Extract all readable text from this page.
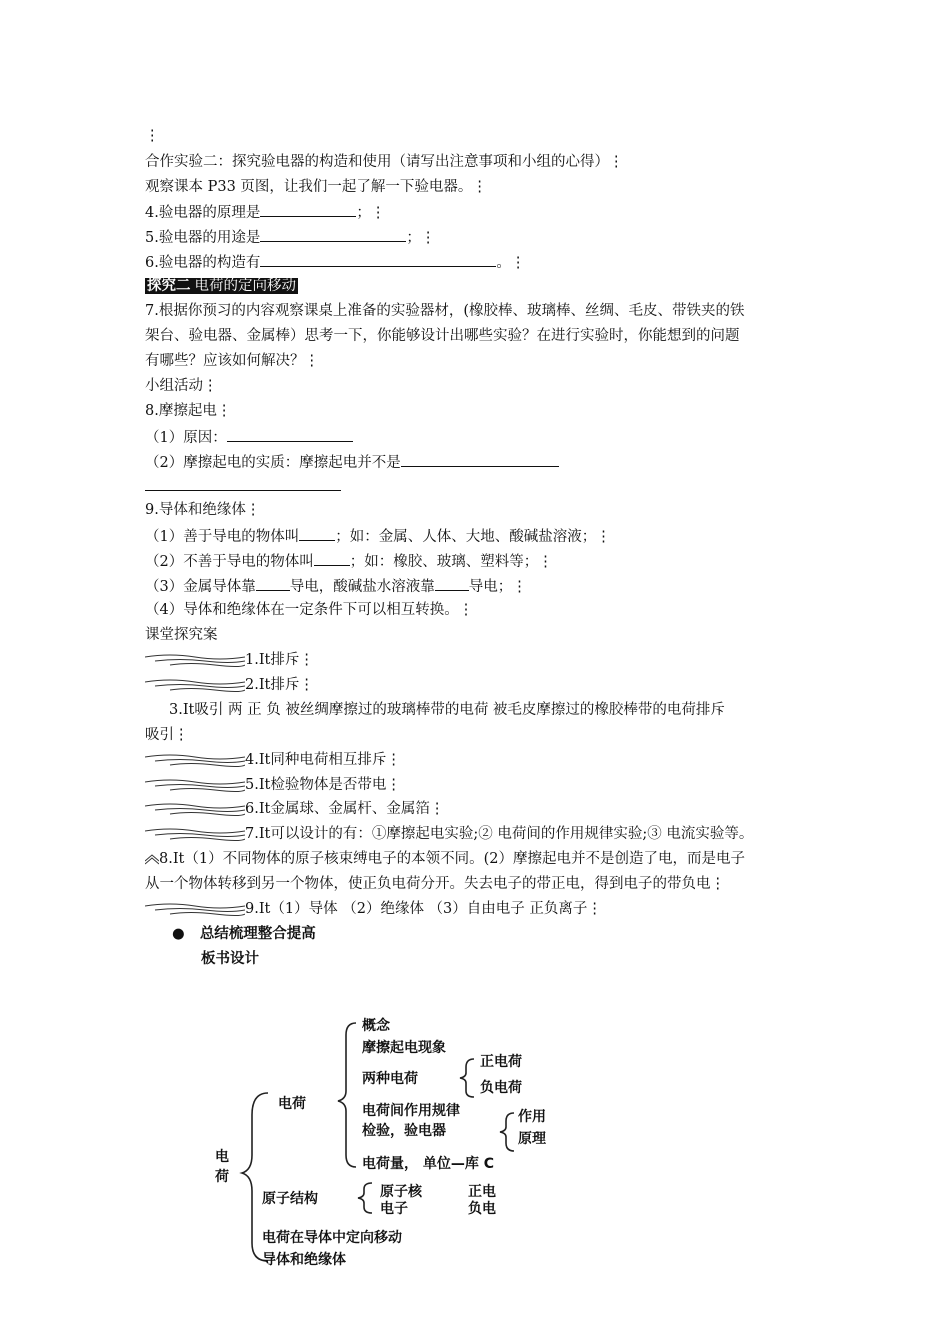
⋮
合作实验二：探究验电器的构造和使用（请写出注意事项和小组的心得）⋮
观察课本 P33 页图，让我们一起了解一下验电器。⋮
4.验电器的原理是	；⋮
5.验电器的用途是	；⋮
6.验电器的构造有	。⋮
探究二 电荷的定向移动
7.根据你预习的内容观察课桌上准备的实验器材，(橡胶棒、玻璃棒、丝绸、毛皮、带铁夹的铁
架台、验电器、金属棒）思考一下，你能够设计出哪些实验？在进行实验时，你能想到的问题
有哪些？应该如何解决？⋮
小组活动⋮
8.摩擦起电⋮
（1）原因：
（2）摩擦起电的实质：摩擦起电并不是
9.导体和绝缘体⋮
（1）善于导电的物体叫 ；如：金属、人体、大地、酸碱盐溶液；⋮
（2）不善于导电的物体叫 ；如：橡胶、玻璃、塑料等；⋮
（3）金属导体靠 导电，酸碱盐水溶液靠 导电；⋮
（4）导体和绝缘体在一定条件下可以相互转换。⋮
课堂探究案
1.Ⅰt排斥⋮
2.Ⅰt排斥⋮
3.Ⅰt吸引 两 正 负 被丝绸摩擦过的玻璃棒带的电荷 被毛皮摩擦过的橡胶棒带的电荷排斥
吸引⋮
4.Ⅰt同种电荷相互排斥⋮
5.Ⅰt检验物体是否带电⋮
6.Ⅰt金属球、金属杆、金属箔⋮
7.Ⅰt可以设计的有：①摩擦起电实验;② 电荷间的作用规律实验;③ 电流实验等。
8.Ⅰt（1）不同物体的原子核束缚电子的本领不同。(2）摩擦起电并不是创造了电，而是电子
从一个物体转移到另一个物体，使正负电荷分开。失去电子的带正电，得到电子的带负电⋮
9.Ⅰt（1）导体 （2）绝缘体 （3）自由电子 正负离子⋮
● 总结梳理整合提高
板书设计
电荷
电荷
概念
摩擦起电现象
两种电荷
正电荷
负电荷
电荷间作用规律
检验，验电器
作用
原理
电荷量， 单位—库 C
原子结构	原子核
电子
正电
负电
电荷在导体中定向移动
导体和绝缘体
